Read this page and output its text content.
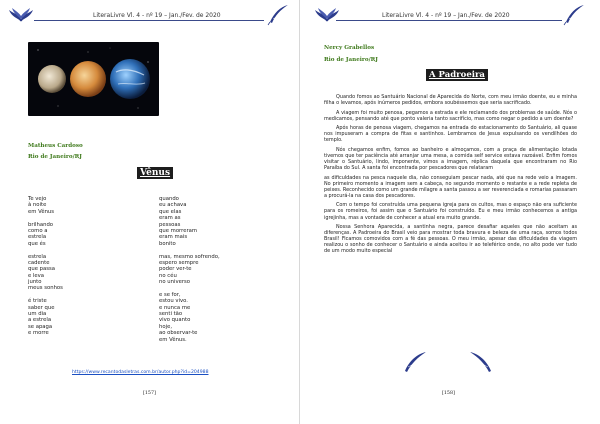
LiteraLivre Vl. 4 - nº 19 – Jan./Fev. de 2020
Matheus Cardoso
Rio de Janeiro/RJ
Vênus
Te vejo
à noite
em Vênus
brilhando
como a
estrela
que és
estrela
cadente
que passa
e leva
junto
meus sonhos
é triste
saber que
um dia
a estrela
se apaga
e morre
quando
eu achava
que elas
eram as
pessoas
que morreram
eram mais
bonito
mas, mesmo sofrendo,
espero sempre
poder ver-te
no céu
no universo
e se for,
estou vivo.
e nunca me
senti tão
vivo quanto
hoje,
ao observar-te
em Vênus.
https://www.recantodasletras.com.br/autor.php?id=204988
[157]
LiteraLivre Vl. 4 - nº 19 – Jan./Fev. de 2020
Nercy Grabellos
Rio de Janeiro/RJ
A Padroeira

Quando fomos ao Santuário Nacional de Aparecida do Norte, com meu irmão doente, eu e minha filha o levamos, após inúmeros pedidos, embora soubéssemos que seria sacrificado.

A viagem foi muito penosa, pegamos a estrada e ele reclamando dos problemas de saúde. Nós o medicamos, pensando até que ponto valeria tanto sacrifício, mas como negar o pedido a um doente?

Após horas de penosa viagem, chegamos na entrada do estacionamento do Santuário, ali quase nos impuseram a compra de fitas e santinhos. Lembramos de Jesus expulsando os vendilhões do templo.

Nós chegamos enfim, fomos ao banheiro e almoçamos, com a praça de alimentação lotada tivemos que ter paciência até arranjar uma mesa, a comida self service estava razoável. Enfim fomos visitar o Santuário, lindo, imponente, vimos a imagem, réplica daquela que encontraram no Rio Paraíba do Sul. A santa foi encontrada por pescadores que relataram

as dificuldades na pesca naquele dia, não conseguiam pescar nada, até que na rede veio a imagem. No primeiro momento a imagem sem a cabeça, no segundo momento o restante e a rede repleta de peixes. Reconhecido como um grande milagre a santa passou a ser reverenciada e romarias passaram a procurá-la na casa dos pescadores.

Com o tempo foi construída uma pequena igreja para os cultos, mas o espaço não era suficiente para os romeiros, foi assim que o Santuário foi construído. Eu e meu irmão conhecemos a antiga igrejinha, mas a vontade de conhecer a atual era muito grande.

Nossa Senhora Aparecida, a santinha negra, parece desafiar aqueles que não aceitam as diferenças. A Padroeira do Brasil veio para mostrar toda bravura e beleza de uma raça, somos todos Brasil! Ficamos comovidos com a fé das pessoas. O meu irmão, apesar das dificuldades da viagem realizou o sonho de conhecer o Santuário e ainda aceitou ir ao teleférico onde, no alto pode ver tudo de um modo muito especial

[158]
